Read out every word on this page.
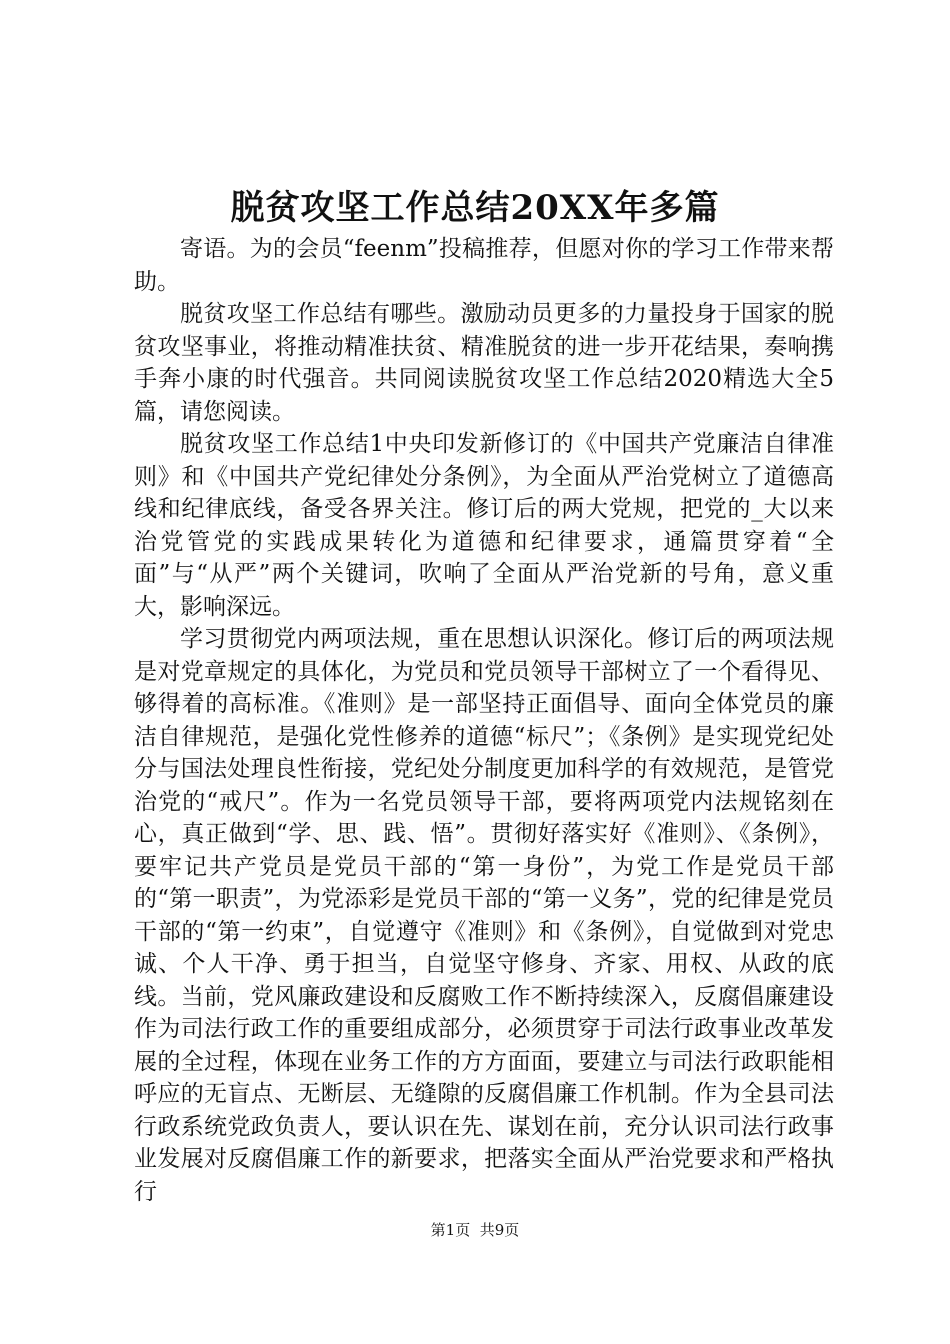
脱贫攻坚工作总结20XX年多篇

寄语。为的会员“feenm”投稿推荐，但愿对你的学习工作带来帮助。

脱贫攻坚工作总结有哪些。激励动员更多的力量投身于国家的脱贫攻坚事业，将推动精准扶贫、精准脱贫的进一步开花结果，奏响携手奔小康的时代强音。共同阅读脱贫攻坚工作总结2020精选大全5篇，请您阅读。

脱贫攻坚工作总结1中央印发新修订的《中国共产党廉洁自律准则》和《中国共产党纪律处分条例》，为全面从严治党树立了道德高线和纪律底线，备受各界关注。修订后的两大党规，把党的_大以来治党管党的实践成果转化为道德和纪律要求，通篇贯穿着“全面”与“从严”两个关键词，吹响了全面从严治党新的号角，意义重大，影响深远。

学习贯彻党内两项法规，重在思想认识深化。修订后的两项法规是对党章规定的具体化，为党员和党员领导干部树立了一个看得见、够得着的高标准。《准则》是一部坚持正面倡导、面向全体党员的廉洁自律规范，是强化党性修养的道德“标尺”；《条例》是实现党纪处分与国法处理良性衔接，党纪处分制度更加科学的有效规范，是管党治党的“戒尺”。作为一名党员领导干部，要将两项党内法规铭刻在心，真正做到“学、思、践、悟”。贯彻好落实好《准则》、《条例》，要牢记共产党员是党员干部的“第一身份”，为党工作是党员干部的“第一职责”，为党添彩是党员干部的“第一义务”，党的纪律是党员干部的“第一约束”，自觉遵守《准则》和《条例》，自觉做到对党忠诚、个人干净、勇于担当，自觉坚守修身、齐家、用权、从政的底线。当前，党风廉政建设和反腐败工作不断持续深入，反腐倡廉建设作为司法行政工作的重要组成部分，必须贯穿于司法行政事业改革发展的全过程，体现在业务工作的方方面面，要建立与司法行政职能相呼应的无盲点、无断层、无缝隙的反腐倡廉工作机制。作为全县司法行政系统党政负责人，要认识在先、谋划在前，充分认识司法行政事业发展对反腐倡廉工作的新要求，把落实全面从严治党要求和严格执行

第1页 共9页
